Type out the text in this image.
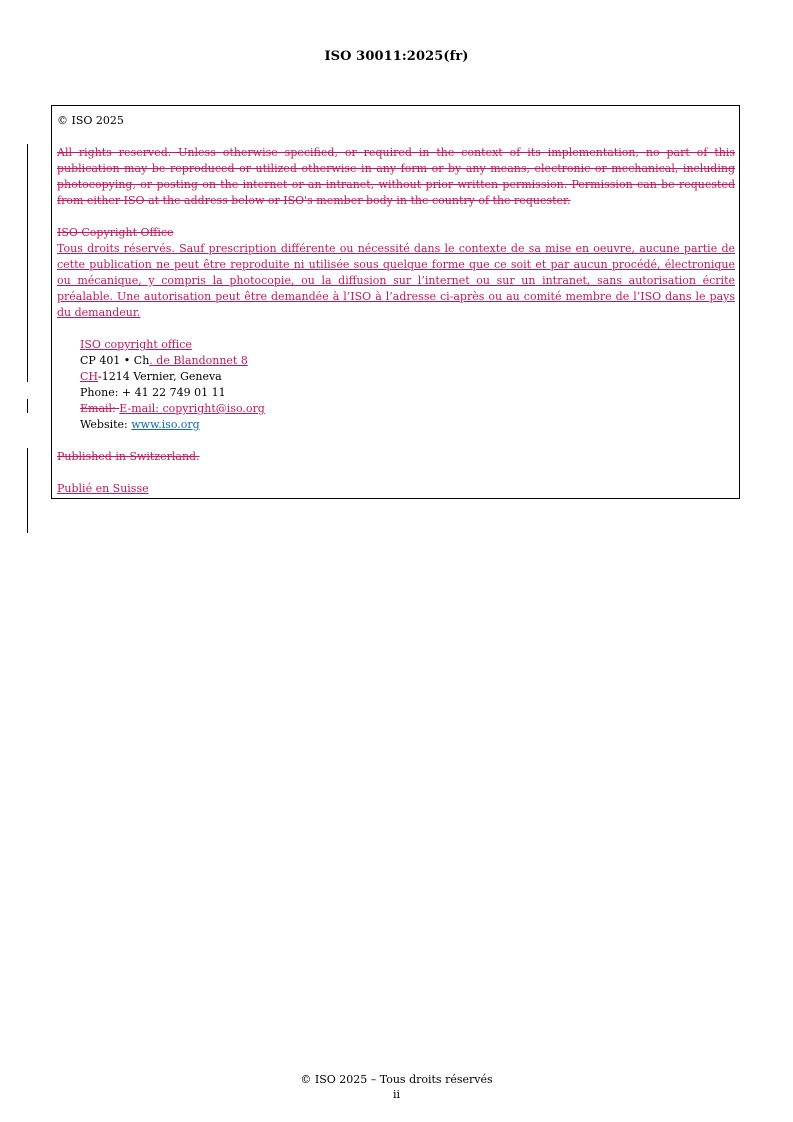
ISO 30011:2025(fr)

© ISO 2025

All rights reserved. Unless otherwise specified, or required in the context of its implementation, no part of this publication may be reproduced or utilized otherwise in any form or by any means, electronic or mechanical, including photocopying, or posting on the internet or an intranet, without prior written permission. Permission can be requested from either ISO at the address below or ISO's member body in the country of the requester.

ISO Copyright Office

Tous droits réservés. Sauf prescription différente ou nécessité dans le contexte de sa mise en oeuvre, aucune partie de cette publication ne peut être reproduite ni utilisée sous quelque forme que ce soit et par aucun procédé, électronique ou mécanique, y compris la photocopie, ou la diffusion sur l’internet ou sur un intranet, sans autorisation écrite préalable. Une autorisation peut être demandée à l’ISO à l’adresse ci-après ou au comité membre de l’ISO dans le pays du demandeur.

ISO copyright office

CP 401 • Ch. de Blandonnet 8

CH-1214 Vernier, Geneva

Phone: + 41 22 749 01 11

Email: E-mail: copyright@iso.org

Website: www.iso.org

Published in Switzerland.

Publié en Suisse

© ISO 2025 – Tous droits réservés
ii
